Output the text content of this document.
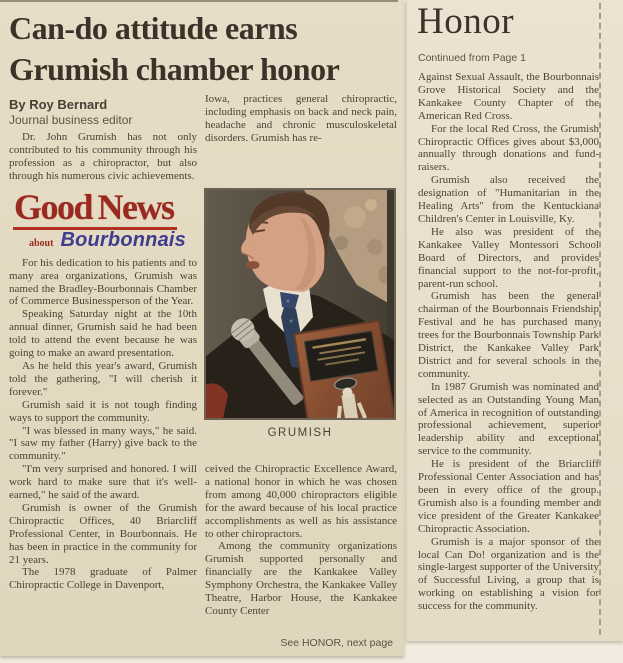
Can-do attitude earns
Grumish chamber honor
By Roy Bernard
Journal business editor

Dr. John Grumish has not only contributed to his community through his profession as a chiropractor, but also through his numerous civic achievements.

Good News
about Bourbonnais

For his dedication to his patients and to many area organizations, Grumish was named the Bradley-Bourbonnais Chamber of Commerce Businessperson of the Year.

Speaking Saturday night at the 10th annual dinner, Grumish said he had been told to attend the event because he was going to make an award presentation.

As he held this year's award, Grumish told the gathering, "I will cherish it forever."

Grumish said it is not tough finding ways to support the community.

"I was blessed in many ways," he said. "I saw my father (Harry) give back to the community."

"I'm very surprised and honored. I will work hard to make sure that it's well-earned," he said of the award.

Grumish is owner of the Grumish Chiropractic Offices, 40 Briarcliff Professional Center, in Bourbonnais. He has been in practice in the community for 21 years.

The 1978 graduate of Palmer Chiropractic College in Davenport,

Iowa, practices general chiropractic, including emphasis on back and neck pain, headache and chronic musculoskeletal disorders. Grumish has re-

GRUMISH

ceived the Chiropractic Excellence Award, a national honor in which he was chosen from among 40,000 chiropractors eligible for the award because of his local practice accomplishments as well as his assistance to other chiropractors.

Among the community organizations Grumish supported personally and financially are the Kankakee Valley Symphony Orchestra, the Kankakee Valley Theatre, Harbor House, the Kankakee County Center

See HONOR, next page
Honor
Continued from Page 1

Against Sexual Assault, the Bourbonnais Grove Historical Society and the Kankakee County Chapter of the American Red Cross.

For the local Red Cross, the Grumish Chiropractic Offices gives about $3,000 annually through donations and fund-raisers.

Grumish also received the designation of "Humanitarian in the Healing Arts" from the Kentuckiana Children's Center in Louisville, Ky.

He also was president of the Kankakee Valley Montessori School Board of Directors, and provides financial support to the not-for-profit, parent-run school.

Grumish has been the general chairman of the Bourbonnais Friendship Festival and he has purchased many trees for the Bourbonnais Township Park District, the Kankakee Valley Park District and for several schools in the community.

In 1987 Grumish was nominated and selected as an Outstanding Young Man of America in recognition of outstanding professional achievement, superior leadership ability and exceptional service to the community.

He is president of the Briarcliff Professional Center Association and has been in every office of the group. Grumish also is a founding member and vice president of the Greater Kankakee Chiropractic Association.

Grumish is a major sponsor of the local Can Do! organization and is the single-largest supporter of the University of Successful Living, a group that is working on establishing a vision for success for the community.
